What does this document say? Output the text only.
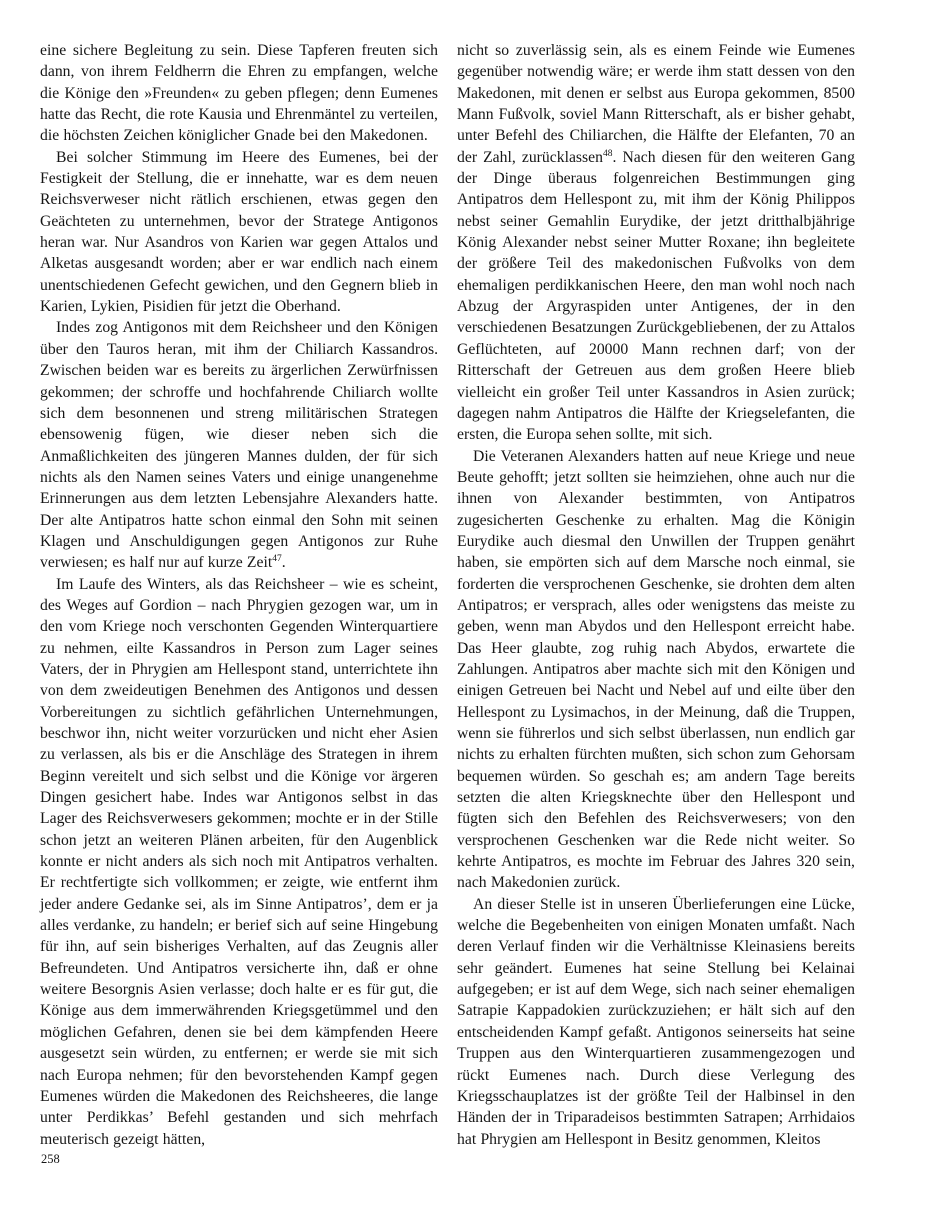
eine sichere Begleitung zu sein. Diese Tapferen freuten sich dann, von ihrem Feldherrn die Ehren zu empfangen, welche die Könige den »Freunden« zu geben pflegen; denn Eumenes hatte das Recht, die rote Kausia und Ehrenmäntel zu verteilen, die höchsten Zeichen königlicher Gnade bei den Makedonen.

Bei solcher Stimmung im Heere des Eumenes, bei der Festigkeit der Stellung, die er innehatte, war es dem neuen Reichsverweser nicht rätlich erschienen, etwas gegen den Geächteten zu unternehmen, bevor der Stratege Antigonos heran war. Nur Asandros von Karien war gegen Attalos und Alketas ausgesandt worden; aber er war endlich nach einem unentschiedenen Gefecht gewichen, und den Gegnern blieb in Karien, Lykien, Pisidien für jetzt die Oberhand.

Indes zog Antigonos mit dem Reichsheer und den Königen über den Tauros heran, mit ihm der Chiliarch Kassandros. Zwischen beiden war es bereits zu ärgerlichen Zerwürfnissen gekommen; der schroffe und hochfahrende Chiliarch wollte sich dem besonnenen und streng militärischen Strategen ebensowenig fügen, wie dieser neben sich die Anmaßlichkeiten des jüngeren Mannes dulden, der für sich nichts als den Namen seines Vaters und einige unangenehme Erinnerungen aus dem letzten Lebensjahre Alexanders hatte. Der alte Antipatros hatte schon einmal den Sohn mit seinen Klagen und Anschuldigungen gegen Antigonos zur Ruhe verwiesen; es half nur auf kurze Zeit$^{47}$.

Im Laufe des Winters, als das Reichsheer – wie es scheint, des Weges auf Gordion – nach Phrygien gezogen war, um in den vom Kriege noch verschonten Gegenden Winterquartiere zu nehmen, eilte Kassandros in Person zum Lager seines Vaters, der in Phrygien am Hellespont stand, unterrichtete ihn von dem zweideutigen Benehmen des Antigonos und dessen Vorbereitungen zu sichtlich gefährlichen Unternehmungen, beschwor ihn, nicht weiter vorzurücken und nicht eher Asien zu verlassen, als bis er die Anschläge des Strategen in ihrem Beginn vereitelt und sich selbst und die Könige vor ärgeren Dingen gesichert habe. Indes war Antigonos selbst in das Lager des Reichsverwesers gekommen; mochte er in der Stille schon jetzt an weiteren Plänen arbeiten, für den Augenblick konnte er nicht anders als sich noch mit Antipatros verhalten. Er rechtfertigte sich vollkommen; er zeigte, wie entfernt ihm jeder andere Gedanke sei, als im Sinne Antipatros’, dem er ja alles verdanke, zu handeln; er berief sich auf seine Hingebung für ihn, auf sein bisheriges Verhalten, auf das Zeugnis aller Befreundeten. Und Antipatros versicherte ihn, daß er ohne weitere Besorgnis Asien verlasse; doch halte er es für gut, die Könige aus dem immerwährenden Kriegsgetümmel und den möglichen Gefahren, denen sie bei dem kämpfenden Heere ausgesetzt sein würden, zu entfernen; er werde sie mit sich nach Europa nehmen; für den bevorstehenden Kampf gegen Eumenes würden die Makedonen des Reichsheeres, die lange unter Perdikkas’ Befehl gestanden und sich mehrfach meuterisch gezeigt hätten,

nicht so zuverlässig sein, als es einem Feinde wie Eumenes gegenüber notwendig wäre; er werde ihm statt dessen von den Makedonen, mit denen er selbst aus Europa gekommen, 8500 Mann Fußvolk, soviel Mann Ritterschaft, als er bisher gehabt, unter Befehl des Chiliarchen, die Hälfte der Elefanten, 70 an der Zahl, zurücklassen$^{48}$. Nach diesen für den weiteren Gang der Dinge überaus folgenreichen Bestimmungen ging Antipatros dem Hellespont zu, mit ihm der König Philippos nebst seiner Gemahlin Eurydike, der jetzt dritthalbjährige König Alexander nebst seiner Mutter Roxane; ihn begleitete der größere Teil des makedonischen Fußvolks von dem ehemaligen perdikkanischen Heere, den man wohl noch nach Abzug der Argyraspiden unter Antigenes, der in den verschiedenen Besatzungen Zurückgebliebenen, der zu Attalos Geflüchteten, auf 20000 Mann rechnen darf; von der Ritterschaft der Getreuen aus dem großen Heere blieb vielleicht ein großer Teil unter Kassandros in Asien zurück; dagegen nahm Antipatros die Hälfte der Kriegselefanten, die ersten, die Europa sehen sollte, mit sich.

Die Veteranen Alexanders hatten auf neue Kriege und neue Beute gehofft; jetzt sollten sie heimziehen, ohne auch nur die ihnen von Alexander bestimmten, von Antipatros zugesicherten Geschenke zu erhalten. Mag die Königin Eurydike auch diesmal den Unwillen der Truppen genährt haben, sie empörten sich auf dem Marsche noch einmal, sie forderten die versprochenen Geschenke, sie drohten dem alten Antipatros; er versprach, alles oder wenigstens das meiste zu geben, wenn man Abydos und den Hellespont erreicht habe. Das Heer glaubte, zog ruhig nach Abydos, erwartete die Zahlungen. Antipatros aber machte sich mit den Königen und einigen Getreuen bei Nacht und Nebel auf und eilte über den Hellespont zu Lysimachos, in der Meinung, daß die Truppen, wenn sie führerlos und sich selbst überlassen, nun endlich gar nichts zu erhalten fürchten mußten, sich schon zum Gehorsam bequemen würden. So geschah es; am andern Tage bereits setzten die alten Kriegsknechte über den Hellespont und fügten sich den Befehlen des Reichsverwesers; von den versprochenen Geschenken war die Rede nicht weiter. So kehrte Antipatros, es mochte im Februar des Jahres 320 sein, nach Makedonien zurück.

An dieser Stelle ist in unseren Überlieferungen eine Lücke, welche die Begebenheiten von einigen Monaten umfaßt. Nach deren Verlauf finden wir die Verhältnisse Kleinasiens bereits sehr geändert. Eumenes hat seine Stellung bei Kelainai aufgegeben; er ist auf dem Wege, sich nach seiner ehemaligen Satrapie Kappadokien zurückzuziehen; er hält sich auf den entscheidenden Kampf gefaßt. Antigonos seinerseits hat seine Truppen aus den Winterquartieren zusammengezogen und rückt Eumenes nach. Durch diese Verlegung des Kriegsschauplatzes ist der größte Teil der Halbinsel in den Händen der in Triparadeisos bestimmten Satrapen; Arrhidaios hat Phrygien am Hellespont in Besitz genommen, Kleitos

258
